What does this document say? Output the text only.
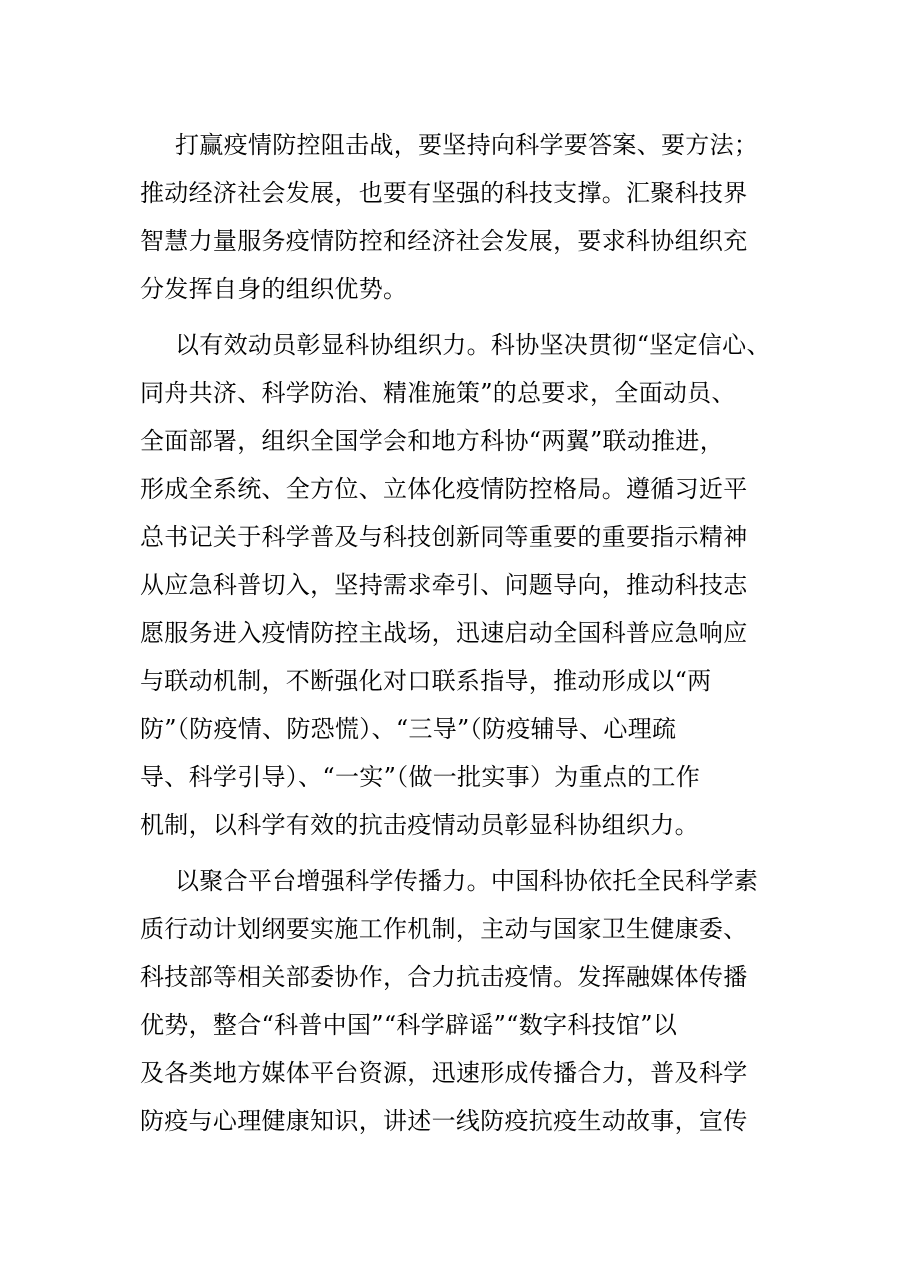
打赢疫情防控阻击战，要坚持向科学要答案、要方法；
推动经济社会发展，也要有坚强的科技支撑。汇聚科技界
智慧力量服务疫情防控和经济社会发展，要求科协组织充
分发挥自身的组织优势。
以有效动员彰显科协组织力。科协坚决贯彻“坚定信心、
同舟共济、科学防治、精准施策”的总要求，全面动员、
全面部署，组织全国学会和地方科协“两翼”联动推进，
形成全系统、全方位、立体化疫情防控格局。遵循习近平
总书记关于科学普及与科技创新同等重要的重要指示精神
从应急科普切入，坚持需求牵引、问题导向，推动科技志
愿服务进入疫情防控主战场，迅速启动全国科普应急响应
与联动机制，不断强化对口联系指导，推动形成以“两
防”（防疫情、防恐慌）、“三导”（防疫辅导、心理疏
导、科学引导）、“一实”（做一批实事）为重点的工作
机制，以科学有效的抗击疫情动员彰显科协组织力。
以聚合平台增强科学传播力。中国科协依托全民科学素
质行动计划纲要实施工作机制，主动与国家卫生健康委、
科技部等相关部委协作，合力抗击疫情。发挥融媒体传播
优势，整合“科普中国”“科学辟谣”“数字科技馆”以
及各类地方媒体平台资源，迅速形成传播合力，普及科学
防疫与心理健康知识，讲述一线防疫抗疫生动故事，宣传
